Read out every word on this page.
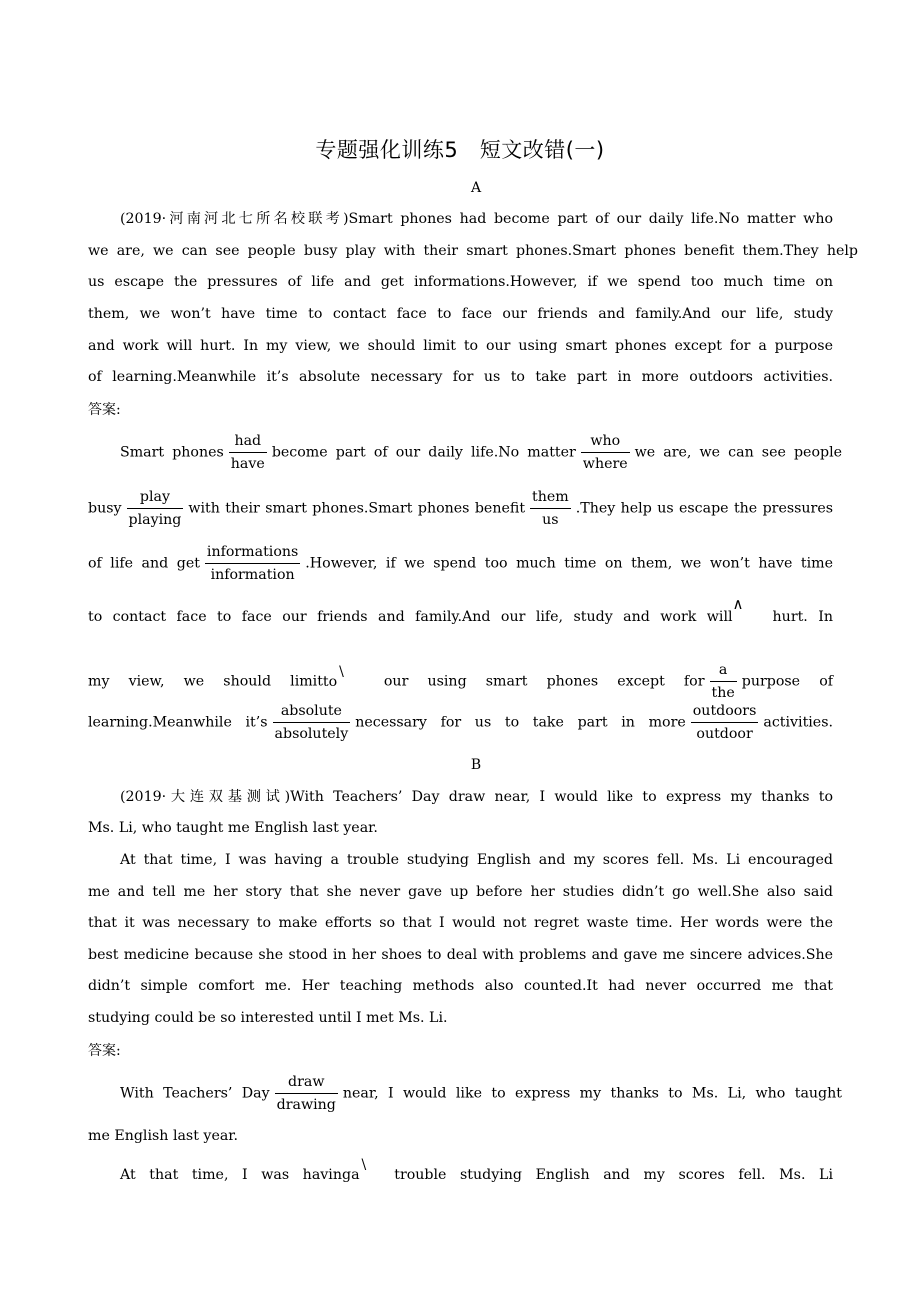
专题强化训练5　短文改错(一)
A
(2019·河南河北七所名校联考)Smart phones had become part of our daily life.No matter who
we are, we can see people busy play with their smart phones.Smart phones benefit them.They help
us escape the pressures of life and get informations.However, if we spend too much time on
them, we won’t have time to contact face to face our friends and family.And our life, study
and work will hurt. In my view, we should limit to our using smart phones except for a purpose
of learning.Meanwhile it’s absolute necessary for us to take part in more outdoors activities.
答案:
Smart phones
had
have
become part of our daily life.No matter
who
where
we are, we can see people
busy
play
playing
with their smart phones.Smart phones benefit
them
us
.They help us escape the pressures
of life and get
informations
information
.However, if we spend too much time on them, we won’t have time
to contact face to face our friends and family.And our life, study and work will∧hurt. In
my view, we should limitto\our using smart phones except for
a
the
purpose of
learning.Meanwhile it’s
absolute
absolutely
necessary for us to take part in more
outdoors
outdoor
activities.
B
(2019·大连双基测试)With Teachers’ Day draw near, I would like to express my thanks to
Ms. Li, who taught me English last year.
At that time, I was having a trouble studying English and my scores fell. Ms. Li encouraged
me and tell me her story that she never gave up before her studies didn’t go well.She also said
that it was necessary to make efforts so that I would not regret waste time. Her words were the
best medicine because she stood in her shoes to deal with problems and gave me sincere advices.She
didn’t simple comfort me. Her teaching methods also counted.It had never occurred me that
studying could be so interested until I met Ms. Li.
答案:
With Teachers’ Day
draw
drawing
near, I would like to express my thanks to Ms. Li, who taught
me English last year.
At that time, I was havinga\trouble studying English and my scores fell. Ms. Li
